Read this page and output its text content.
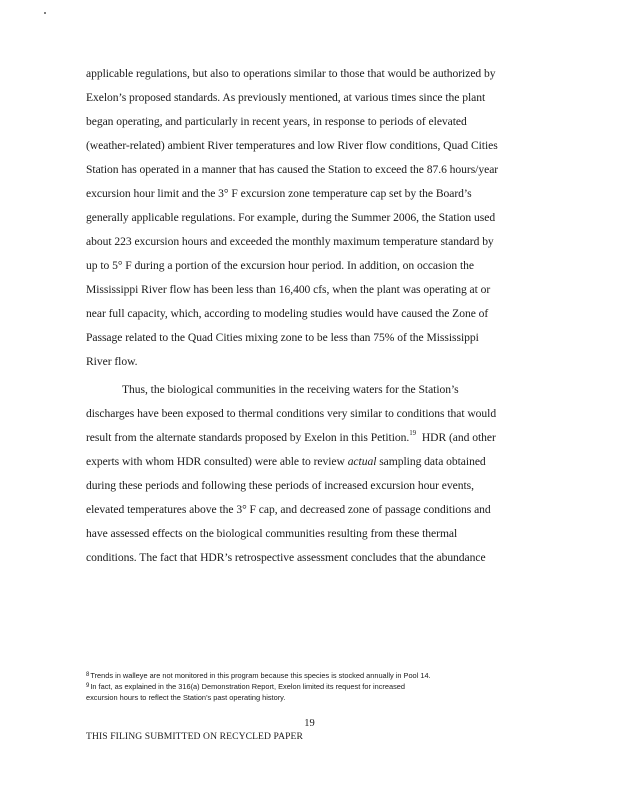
applicable regulations, but also to operations similar to those that would be authorized by
Exelon’s proposed standards. As previously mentioned, at various times since the plant
began operating, and particularly in recent years, in response to periods of elevated
(weather-related) ambient River temperatures and low River flow conditions, Quad Cities
Station has operated in a manner that has caused the Station to exceed the 87.6 hours/year
excursion hour limit and the 3° F excursion zone temperature cap set by the Board’s
generally applicable regulations. For example, during the Summer 2006, the Station used
about 223 excursion hours and exceeded the monthly maximum temperature standard by
up to 5° F during a portion of the excursion hour period. In addition, on occasion the
Mississippi River flow has been less than 16,400 cfs, when the plant was operating at or
near full capacity, which, according to modeling studies would have caused the Zone of
Passage related to the Quad Cities mixing zone to be less than 75% of the Mississippi
River flow.
Thus, the biological communities in the receiving waters for the Station’s
discharges have been exposed to thermal conditions very similar to conditions that would
result from the alternate standards proposed by Exelon in this Petition.$^{19}$  HDR (and other
experts with whom HDR consulted) were able to review actual sampling data obtained
during these periods and following these periods of increased excursion hour events,
elevated temperatures above the 3° F cap, and decreased zone of passage conditions and
have assessed effects on the biological communities resulting from these thermal
conditions. The fact that HDR’s retrospective assessment concludes that the abundance
$^8$Trends in walleye are not monitored in this program because this species is stocked annually in Pool 14.
$^9$In fact, as explained in the 316(a) Demonstration Report, Exelon limited its request for increased
excursion hours to reflect the Station’s past operating history.
19
THIS FILING SUBMITTED ON RECYCLED PAPER
